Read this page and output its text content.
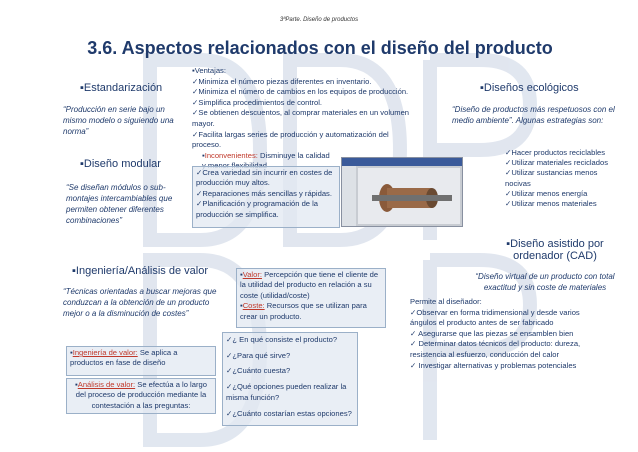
3ªParte. Diseño de productos
3.6. Aspectos relacionados con el diseño del producto
▪Estandarización
“Producción en serie bajo un mismo modelo o siguiendo una norma”
▪Ventajas:
✓Minimiza el número piezas diferentes en inventario.
✓Minimiza el número de cambios en los equipos de producción.
✓Simplifica procedimientos de control.
✓Se obtienen descuentos, al comprar materiales en un volumen mayor.
✓Facilita largas series de producción y automatización del proceso.
▪Inconvenientes: Disminuye la calidad
▪Diseños ecológicos
“Diseño de productos más respetuosos con el medio ambiente”. Algunas estrategias son:
✓Hacer productos reciclables
✓Utilizar materiales reciclados
✓Utilizar sustancias menos nocivas
✓Utilizar menos energía
✓Utilizar menos materiales
▪Diseño modular
“Se diseñan módulos o sub-montajes intercambiables que permiten obtener diferentes combinaciones”
✓Crea variedad sin incurrir en costes de producción muy altos.
✓Reparaciones más sencillas y rápidas.
✓Planificación y programación de la producción se simplifica.
▪Diseño asistido por
ordenador (CAD)
“Diseño virtual de un producto con total exactitud y sin coste de materiales
Permite al diseñador:
✓Observar en forma tridimensional y desde varios ángulos el producto antes de ser fabricado
✓ Asegurarse que las piezas se ensamblen bien
✓ Determinar datos técnicos del producto: dureza, resistencia al esfuerzo, conducción del calor
✓ Investigar alternativas y problemas potenciales
▪Ingeniería/Análisis de valor
“Técnicas orientadas a buscar mejoras que conduzcan a la obtención de un producto mejor o a la disminución de costes”
▪Valor: Percepción que tiene el cliente de la utilidad del producto en relación a su coste (utilidad/coste)
▪Coste: Recursos que se utilizan para crear un producto.
▪Ingeniería de valor: Se aplica a productos en fase de diseño
▪Análisis de valor: Se efectúa a lo largo del proceso de producción mediante la contestación a las preguntas:
✓¿ En qué consiste el producto?
✓¿Para qué sirve?
✓¿Cuánto cuesta?
✓¿Qué opciones pueden realizar la misma función?
✓¿Cuánto costarían estas opciones?
